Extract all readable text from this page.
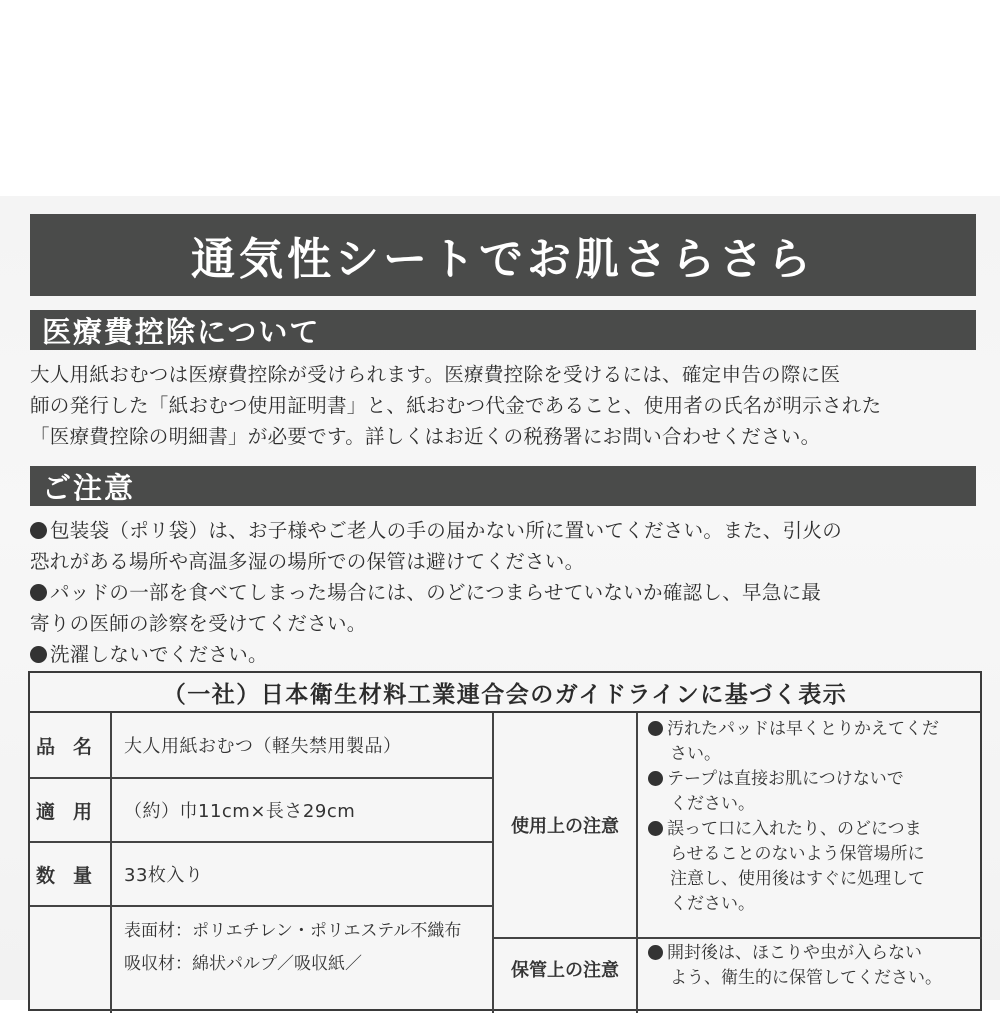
通気性シートでお肌さらさら
医療費控除について
大人用紙おむつは医療費控除が受けられます。医療費控除を受けるには、確定申告の際に医
師の発行した「紙おむつ使用証明書」と、紙おむつ代金であること、使用者の氏名が明示された
「医療費控除の明細書」が必要です。詳しくはお近くの税務署にお問い合わせください。
ご注意
包装袋（ポリ袋）は、お子様やご老人の手の届かない所に置いてください。また、引火の
恐れがある場所や高温多湿の場所での保管は避けてください。
パッドの一部を食べてしまった場合には、のどにつまらせていないか確認し、早急に最
寄りの医師の診察を受けてください。
洗濯しないでください。
（一社）日本衛生材料工業連合会のガイドラインに基づく表示
品名 大人用紙おむつ（軽失禁用製品）
適用 （約）巾11cm×長さ29cm
数量 33枚入り
表面材：ポリエチレン・ポリエステル不織布
吸収材：綿状パルプ／吸収紙／
使用上の注意
汚れたパッドは早くとりかえてくだ
さい。
テープは直接お肌につけないで
ください。
誤って口に入れたり、のどにつま
らせることのないよう保管場所に
注意し、使用後はすぐに処理して
ください。
保管上の注意
開封後は、ほこりや虫が入らない
よう、衛生的に保管してください。
